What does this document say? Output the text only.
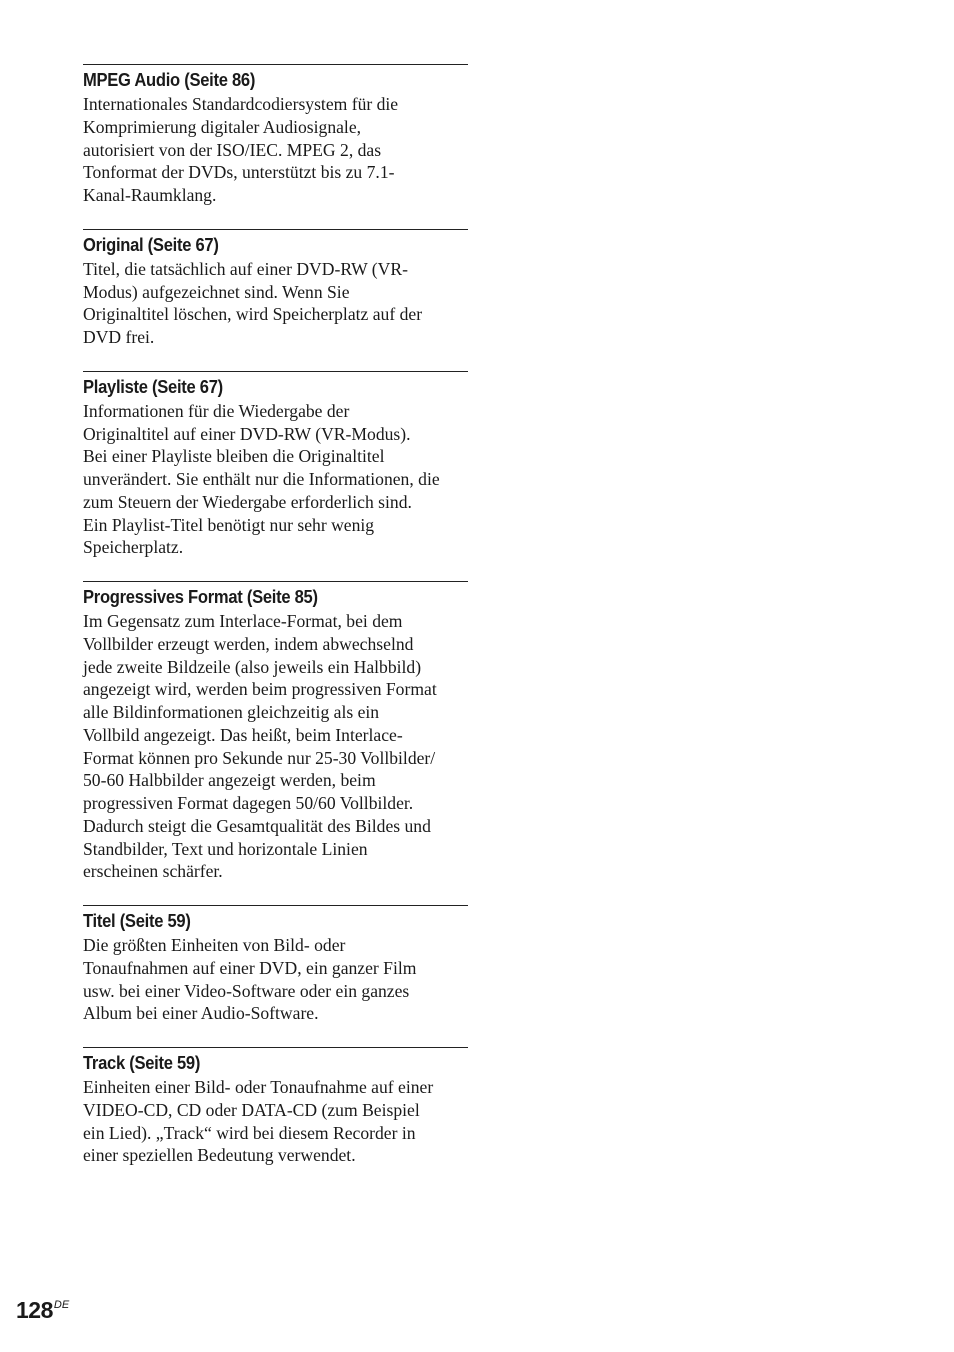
MPEG Audio (Seite 86)

Internationales Standardcodiersystem für die
Komprimierung digitaler Audiosignale,
autorisiert von der ISO/IEC. MPEG 2, das
Tonformat der DVDs, unterstützt bis zu 7.1-
Kanal-Raumklang.

Original (Seite 67)

Titel, die tatsächlich auf einer DVD-RW (VR-
Modus) aufgezeichnet sind. Wenn Sie
Originaltitel löschen, wird Speicherplatz auf der
DVD frei.

Playliste (Seite 67)

Informationen für die Wiedergabe der
Originaltitel auf einer DVD-RW (VR-Modus).
Bei einer Playliste bleiben die Originaltitel
unverändert. Sie enthält nur die Informationen, die
zum Steuern der Wiedergabe erforderlich sind.
Ein Playlist-Titel benötigt nur sehr wenig
Speicherplatz.

Progressives Format (Seite 85)

Im Gegensatz zum Interlace-Format, bei dem
Vollbilder erzeugt werden, indem abwechselnd
jede zweite Bildzeile (also jeweils ein Halbbild)
angezeigt wird, werden beim progressiven Format
alle Bildinformationen gleichzeitig als ein
Vollbild angezeigt. Das heißt, beim Interlace-
Format können pro Sekunde nur 25-30 Vollbilder/
50-60 Halbbilder angezeigt werden, beim
progressiven Format dagegen 50/60 Vollbilder.
Dadurch steigt die Gesamtqualität des Bildes und
Standbilder, Text und horizontale Linien
erscheinen schärfer.

Titel (Seite 59)

Die größten Einheiten von Bild- oder
Tonaufnahmen auf einer DVD, ein ganzer Film
usw. bei einer Video-Software oder ein ganzes
Album bei einer Audio-Software.

Track (Seite 59)

Einheiten einer Bild- oder Tonaufnahme auf einer
VIDEO-CD, CD oder DATA-CD (zum Beispiel
ein Lied). „Track“ wird bei diesem Recorder in
einer speziellen Bedeutung verwendet.

128DE
